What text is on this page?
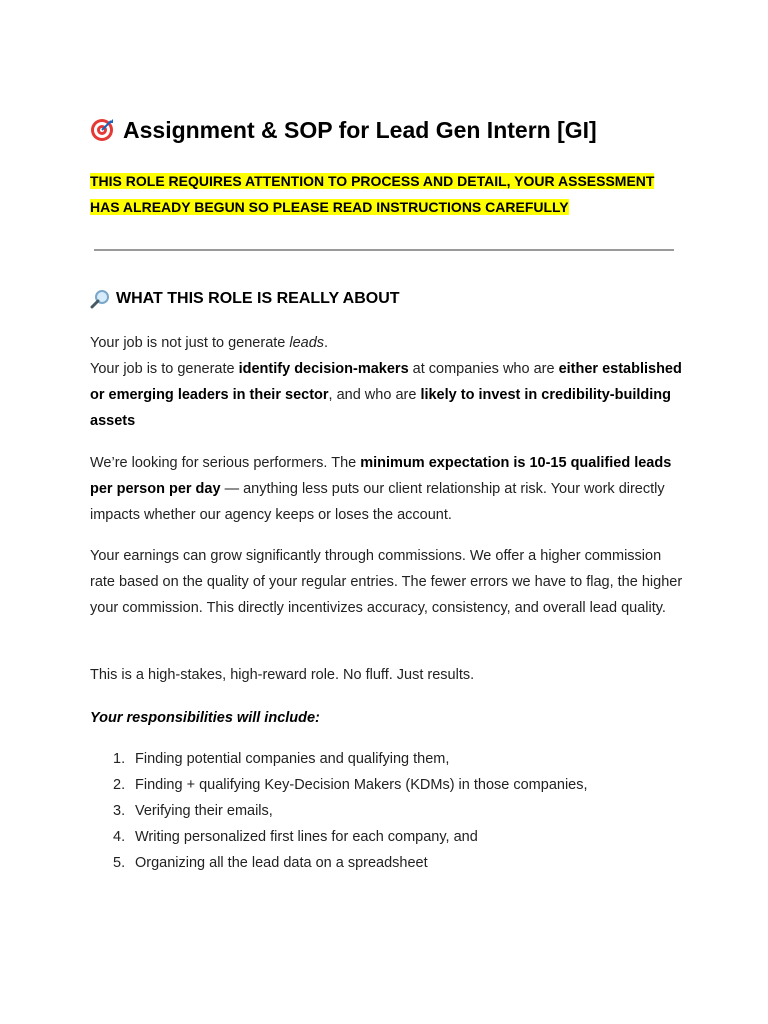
Assignment & SOP for Lead Gen Intern [GI]
THIS ROLE REQUIRES ATTENTION TO PROCESS AND DETAIL, YOUR ASSESSMENT
HAS ALREADY BEGUN SO PLEASE READ INSTRUCTIONS CAREFULLY
WHAT THIS ROLE IS REALLY ABOUT
Your job is not just to generate leads.
Your job is to generate identify decision-makers at companies who are either established or emerging leaders in their sector, and who are likely to invest in credibility-building assets
We’re looking for serious performers. The minimum expectation is 10-15 qualified leads per person per day — anything less puts our client relationship at risk. Your work directly impacts whether our agency keeps or loses the account.
Your earnings can grow significantly through commissions. We offer a higher commission rate based on the quality of your regular entries. The fewer errors we have to flag, the higher your commission. This directly incentivizes accuracy, consistency, and overall lead quality.
This is a high-stakes, high-reward role. No fluff. Just results.
Your responsibilities will include:
1. Finding potential companies and qualifying them,
2. Finding + qualifying Key-Decision Makers (KDMs) in those companies,
3. Verifying their emails,
4. Writing personalized first lines for each company, and
5. Organizing all the lead data on a spreadsheet
